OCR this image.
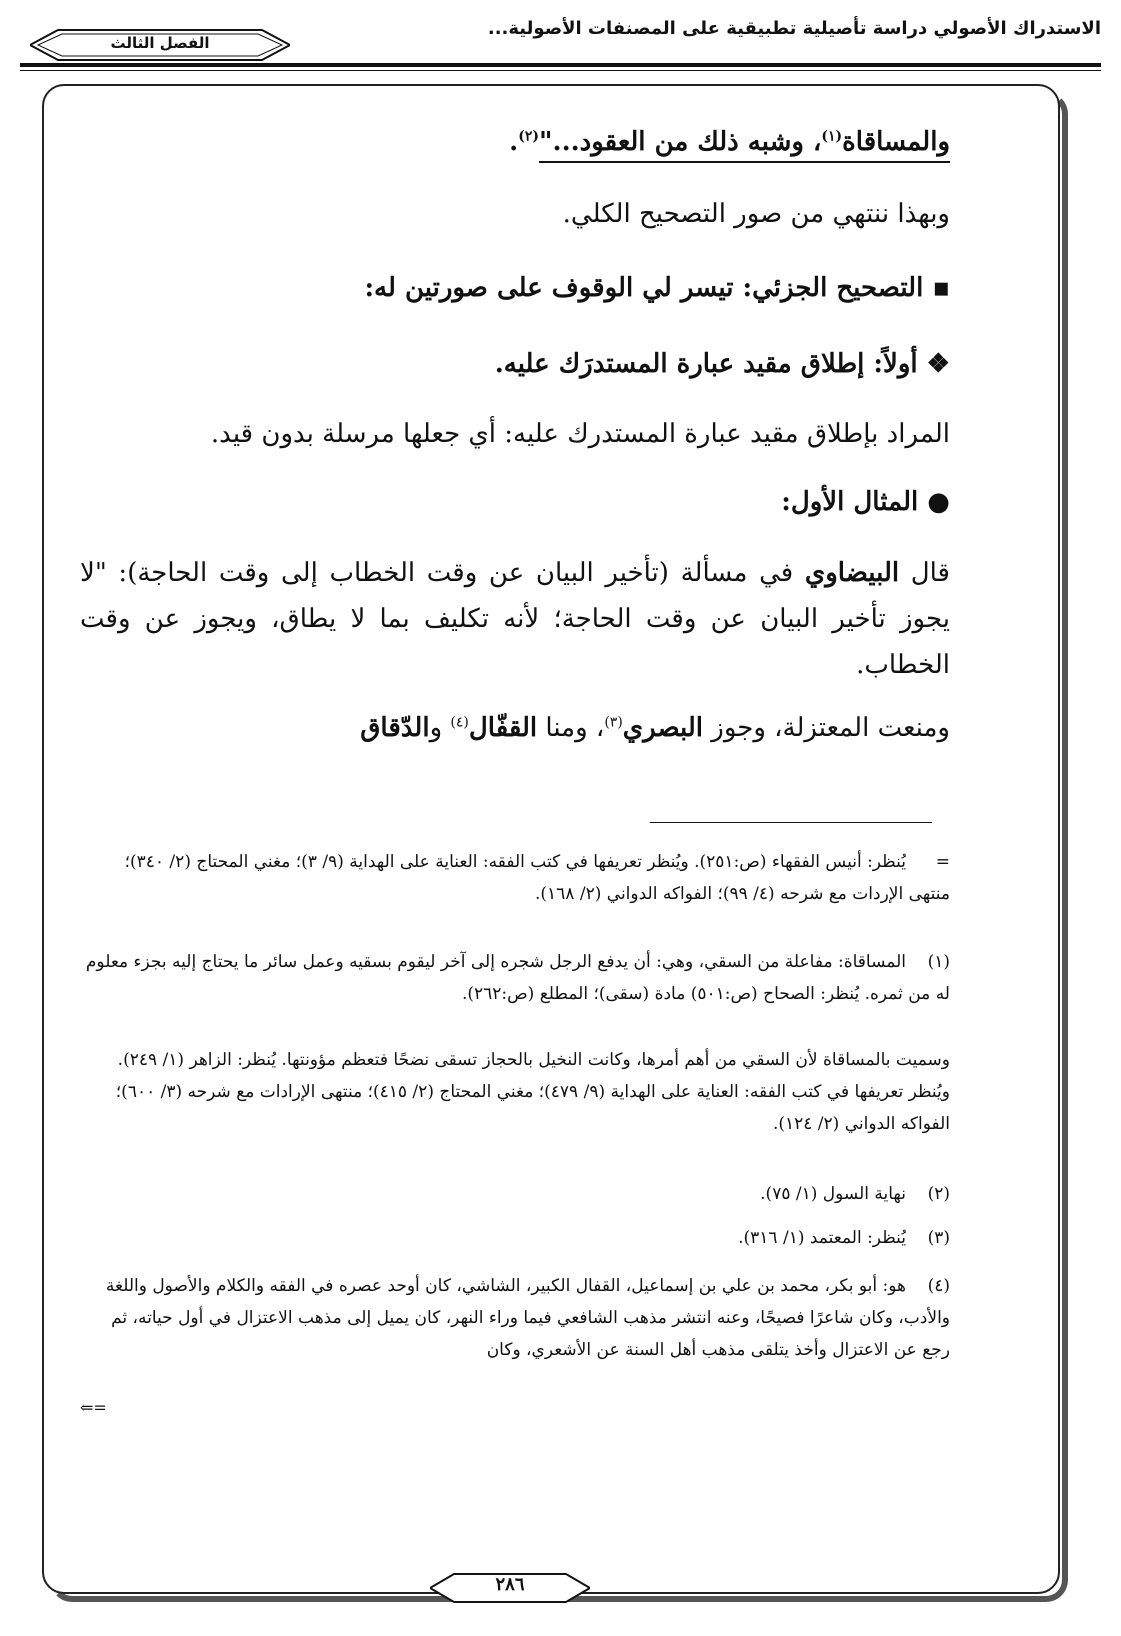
الاستدراك الأصولي دراسة تأصيلية تطبيقية على المصنفات الأصولية...
الفصل الثالث
والمساقاة$^{(١)}$، وشبه ذلك من العقود..."$^{(٢)}$.
وبهذا ننتهي من صور التصحيح الكلي.
▪ التصحيح الجزئي: تيسر لي الوقوف على صورتين له:
❖ أولاً: إطلاق مقيد عبارة المستدرَك عليه.
المراد بإطلاق مقيد عبارة المستدرك عليه: أي جعلها مرسلة بدون قيد.
● المثال الأول:
قال البيضاوي في مسألة (تأخير البيان عن وقت الخطاب إلى وقت الحاجة): "لا يجوز تأخير البيان عن وقت الحاجة؛ لأنه تكليف بما لا يطاق، ويجوز عن وقت الخطاب.
ومنعت المعتزلة، وجوز البصري$^{(٣)}$، ومنا القفّال$^{(٤)}$ والدّقاق
=يُنظر: أنيس الفقهاء (ص:٢٥١). ويُنظر تعريفها في كتب الفقه: العناية على الهداية (٩/ ٣)؛ مغني المحتاج (٢/ ٣٤٠)؛ منتهى الإردات مع شرحه (٤/ ٩٩)؛ الفواكه الدواني (٢/ ١٦٨).
(١)المساقاة: مفاعلة من السقي، وهي: أن يدفع الرجل شجره إلى آخر ليقوم بسقيه وعمل سائر ما يحتاج إليه بجزء معلوم له من ثمره. يُنظر: الصحاح (ص:٥٠١) مادة (سقى)؛ المطلع (ص:٢٦٢).
وسميت بالمساقاة لأن السقي من أهم أمرها، وكانت النخيل بالحجاز تسقى نضحًا فتعظم مؤونتها. يُنظر: الزاهر (١/ ٢٤٩). ويُنظر تعريفها في كتب الفقه: العناية على الهداية (٩/ ٤٧٩)؛ مغني المحتاج (٢/ ٤١٥)؛ منتهى الإرادات مع شرحه (٣/ ٦٠٠)؛ الفواكه الدواني (٢/ ١٢٤).
(٢)نهاية السول (١/ ٧٥).
(٣)يُنظر: المعتمد (١/ ٣١٦).
(٤)هو: أبو بكر، محمد بن علي بن إسماعيل، القفال الكبير، الشاشي، كان أوحد عصره في الفقه والكلام والأصول واللغة والأدب، وكان شاعرًا فصيحًا، وعنه انتشر مذهب الشافعي فيما وراء النهر، كان يميل إلى مذهب الاعتزال في أول حياته، ثم رجع عن الاعتزال وأخذ يتلقى مذهب أهل السنة عن الأشعري، وكان
⇐=
٢٨٦
